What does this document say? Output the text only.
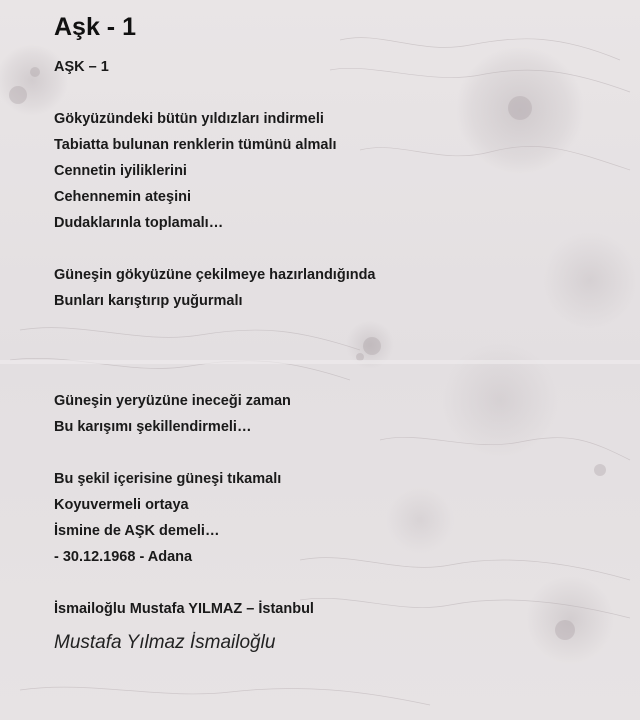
Aşk - 1
AŞK – 1
Gökyüzündeki bütün yıldızları indirmeli
Tabiatta bulunan renklerin tümünü almalı
Cennetin iyiliklerini
Cehennemin ateşini
Dudaklarınla toplamalı…
Güneşin gökyüzüne çekilmeye hazırlandığında
Bunları karıştırıp yuğurmalı
Güneşin yeryüzüne ineceği zaman
Bu karışımı şekillendirmeli…
Bu şekil içerisine güneşi tıkamalı
Koyuvermeli ortaya
İsmine de AŞK demeli…
- 30.12.1968 - Adana
İsmailoğlu Mustafa YILMAZ – İstanbul
Mustafa Yılmaz İsmailoğlu
